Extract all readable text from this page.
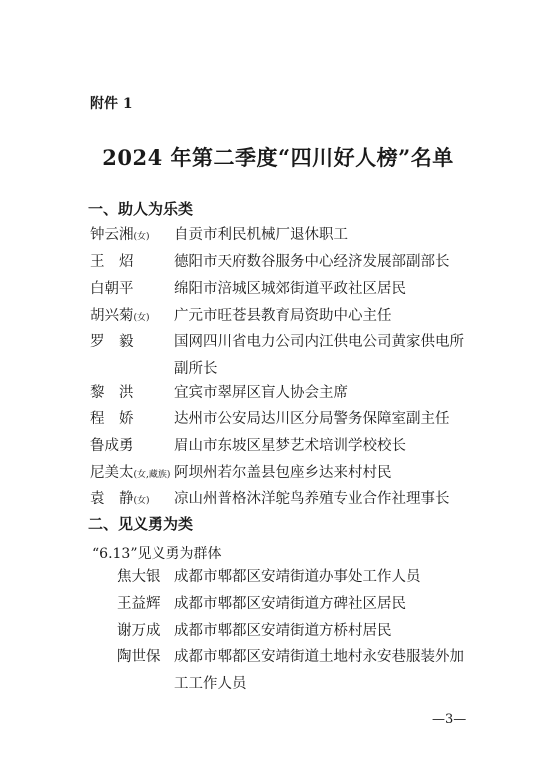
附件 1
2024 年第二季度“四川好人榜”名单
一、助人为乐类
钟云湘(女) 自贡市利民机械厂退休职工
王　炤	德阳市天府数谷服务中心经济发展部副部长
白朝平	绵阳市涪城区城郊街道平政社区居民
胡兴菊(女) 广元市旺苍县教育局资助中心主任
罗　毅	国网四川省电力公司内江供电公司黄家供电所副所长
黎　洪	宜宾市翠屏区盲人协会主席
程　娇	达州市公安局达川区分局警务保障室副主任
鲁成勇	眉山市东坡区星梦艺术培训学校校长
尼美太(女,藏族) 阿坝州若尔盖县包座乡达来村村民
袁　静(女) 凉山州普格沐洋鸵鸟养殖专业合作社理事长
二、见义勇为类
“6.13”见义勇为群体
焦大银 成都市郫都区安靖街道办事处工作人员
王益辉 成都市郫都区安靖街道方碑社区居民
谢万成 成都市郫都区安靖街道方桥村居民
陶世保 成都市郫都区安靖街道土地村永安巷服装外加工工作人员
—3—
